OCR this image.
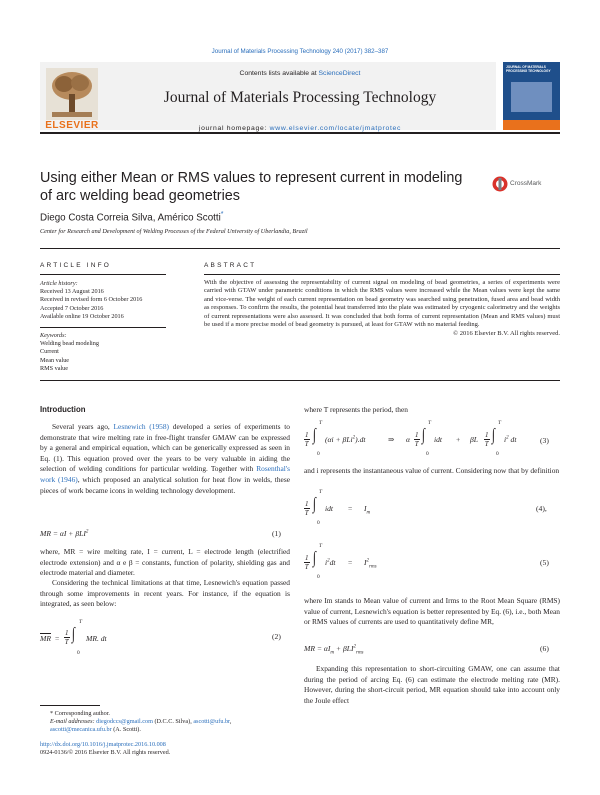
Journal of Materials Processing Technology 240 (2017) 382–387
ELSEVIER
Contents lists available at ScienceDirect
Journal of Materials Processing Technology
journal homepage: www.elsevier.com/locate/jmatprotec
JOURNAL OF MATERIALS PROCESSING TECHNOLOGY
Using either Mean or RMS values to represent current in modeling of arc welding bead geometries
CrossMark
Diego Costa Correia Silva, Américo Scotti*
Center for Research and Development of Welding Processes of the Federal University of Uberlandia, Brazil
ARTICLE INFO
Article history:
Received 13 August 2016
Received in revised form 6 October 2016
Accepted 7 October 2016
Available online 19 October 2016
Keywords:
Welding bead modeling
Current
Mean value
RMS value
ABSTRACT

With the objective of assessing the representability of current signal on modeling of bead geometries, a series of experiments were carried with GTAW under parametric conditions in which the RMS values were increased while the Mean values were kept the same and vice-verse. The weight of each current representation on bead geometry was searched using penetration, fused area and bead width as responses. To confirm the results, the potential heat transferred into the plate was estimated by cryogenic calorimetry and the weights of current representations were also assessed. It was concluded that both forms of current representation (Mean and RMS values) must be used if a more precise model of bead geometry is pursued, at least for GTAW with no material feeding.

© 2016 Elsevier B.V. All rights reserved.
Introduction

Several years ago, Lesnewich (1958) developed a series of experiments to demonstrate that wire melting rate in free-flight transfer GMAW can be expressed by a general and empirical equation, which can be generically expressed as seen in Eq. (1). This equation proved over the years to be very valuable in aiding the selection of welding conditions for particular welding. Together with Rosenthal's work (1946), which proposed an analytical solution for heat flow in welds, these pieces of work became icons in welding technology development.

MR = αI + βLI$^2$	(1)

where, MR = wire melting rate, I = current, L = electrode length (electrified electrode extension) and α e β = constants, function of polarity, shielding gas and electrode material and diameter.

Considering the technical limitations at that time, Lesnewich's equation passed through some improvements in recent years. For instance, if the equation is integrated, as seen below:

$\overline{MR} = \frac{1}{T}$ ∫
T
0
MR. dt	(2)
* Corresponding author.
E-mail addresses: diegodccs@gmail.com (D.C.C. Silva), ascotti@ufu.br,
ascotti@mecanica.ufu.br (A. Scotti).
http://dx.doi.org/10.1016/j.jmatprotec.2016.10.008
0924-0136/© 2016 Elsevier B.V. All rights reserved.

where T represents the period, then

$\frac{1}{T}$ ∫
T
0
(αi + βLi$^2$).dt	⇒ α $\frac{1}{T}$ ∫
T
0
idt + βL $\frac{1}{T}$ ∫
T
0
$i^2$ dt	(3)

and i represents the instantaneous value of current. Considering now that by definition

$\frac{1}{T}$ ∫
T
0
idt = $I_m$
(4),
$\frac{1}{T}$ ∫
T
0
$i^2dt = I^2_{rms}$
(5)

where Im stands to Mean value of current and Irms to the Root Mean Square (RMS) value of current, Lesnewich's equation is better represented by Eq. (6), i.e., both Mean or RMS values of currents are used to quantitatively define MR,

MR = $\alpha I_m + \beta LI^2_{rms}$
(6)

Expanding this representation to short-circuiting GMAW, one can assume that during the period of arcing Eq. (6) can estimate the electrode melting rate (MR). However, during the short-circuit period, MR equation should take into account only the Joule effect
